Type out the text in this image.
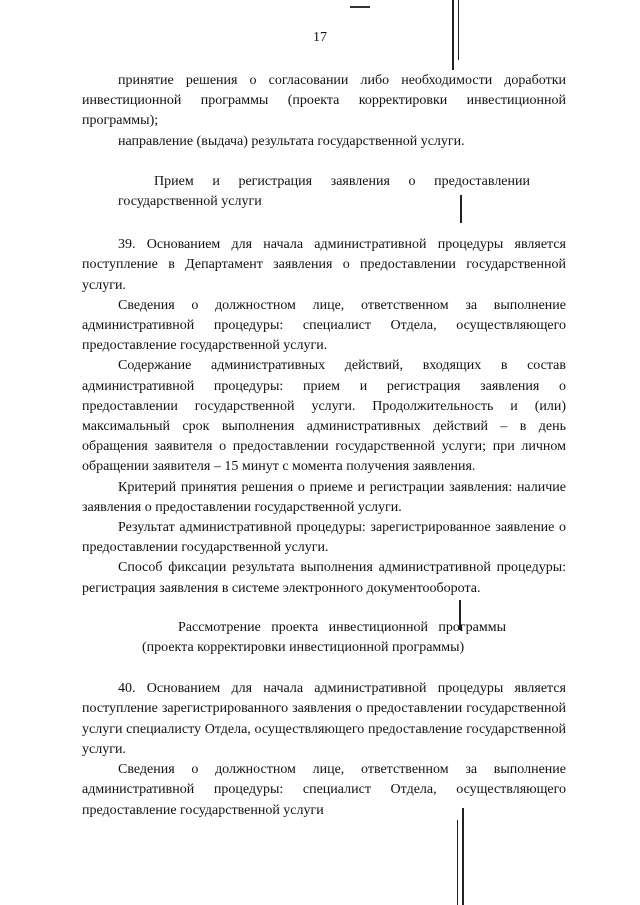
17

принятие решения о согласовании либо необходимости доработки инвестиционной программы (проекта корректировки инвестиционной программы);

направление (выдача) результата государственной услуги.

Прием и регистрация заявления о предоставлении государственной услуги

39. Основанием для начала административной процедуры является поступление в Департамент заявления о предоставлении государственной услуги.

Сведения о должностном лице, ответственном за выполнение административной процедуры: специалист Отдела, осуществляющего предоставление государственной услуги.

Содержание административных действий, входящих в состав административной процедуры: прием и регистрация заявления о предоставлении государственной услуги. Продолжительность и (или) максимальный срок выполнения административных действий – в день обращения заявителя о предоставлении государственной услуги; при личном обращении заявителя – 15 минут с момента получения заявления.

Критерий принятия решения о приеме и регистрации заявления: наличие заявления о предоставлении государственной услуги.

Результат административной процедуры: зарегистрированное заявление о предоставлении государственной услуги.

Способ фиксации результата выполнения административной процедуры: регистрация заявления в системе электронного документооборота.

Рассмотрение проекта инвестиционной программы (проекта корректировки инвестиционной программы)

40. Основанием для начала административной процедуры является поступление зарегистрированного заявления о предоставлении государственной услуги специалисту Отдела, осуществляющего предоставление государственной услуги.

Сведения о должностном лице, ответственном за выполнение административной процедуры: специалист Отдела, осуществляющего предоставление государственной услуги
